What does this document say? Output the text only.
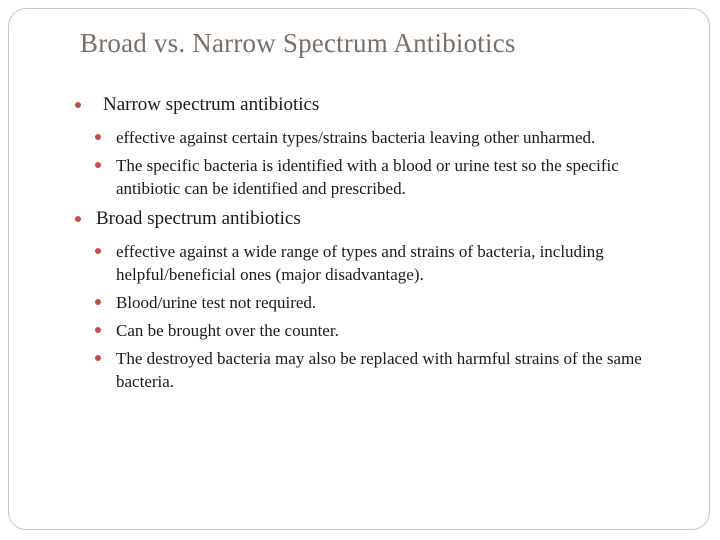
Broad vs. Narrow Spectrum Antibiotics
Narrow spectrum antibiotics
effective against certain types/strains bacteria leaving other unharmed.
The specific bacteria is identified with a blood or urine test so the specific antibiotic can be identified and prescribed.
Broad spectrum antibiotics
effective against a wide range of types and strains of bacteria, including helpful/beneficial ones (major disadvantage).
Blood/urine test not required.
Can be brought over the counter.
The destroyed bacteria may also be replaced with harmful strains of the same bacteria.
